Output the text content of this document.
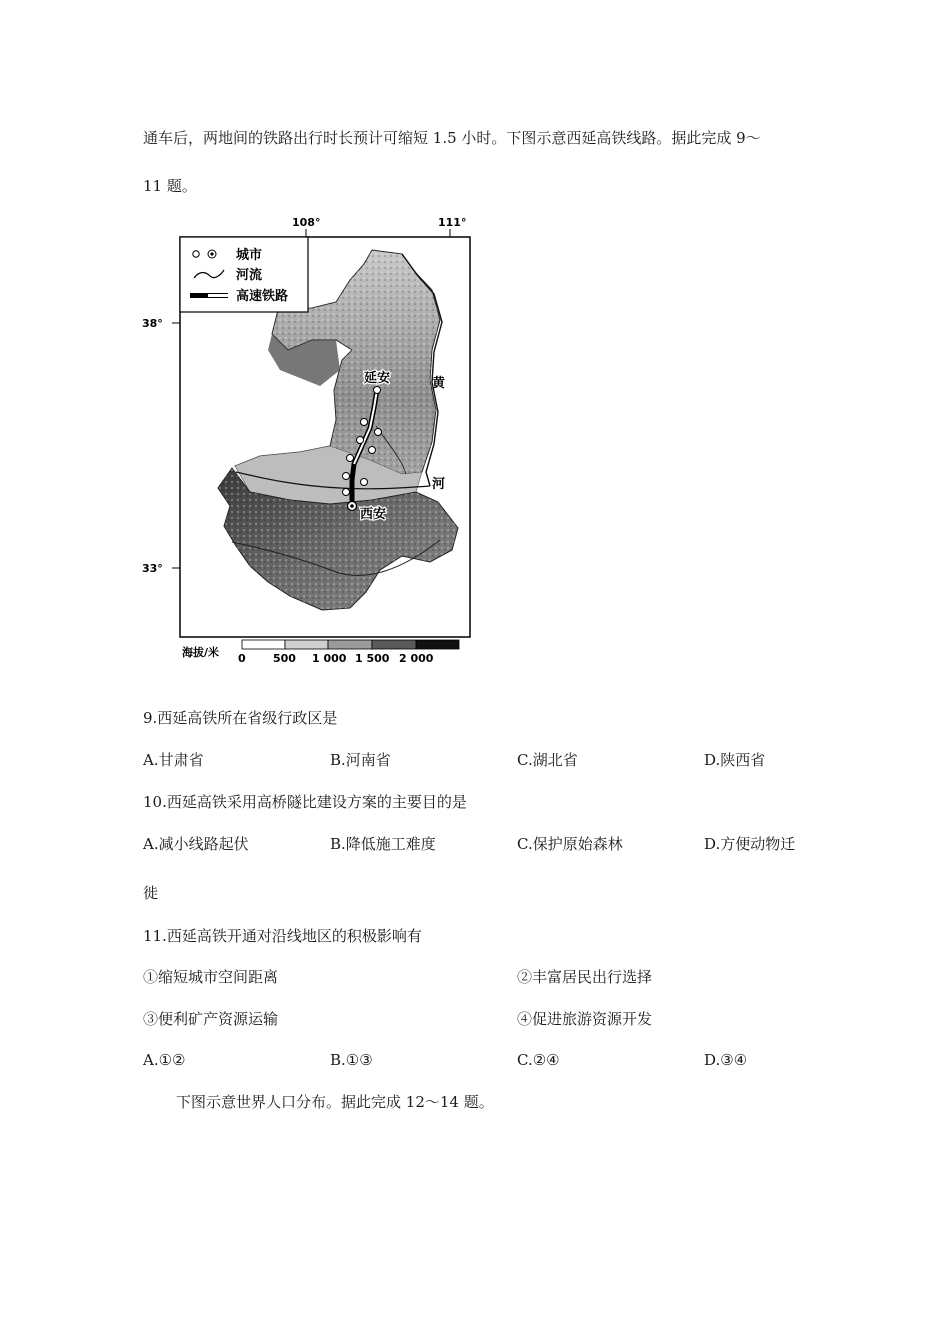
通车后，两地间的铁路出行时长预计可缩短 1.5 小时。下图示意西延高铁线路。据此完成 9～
11 题。
108°	111°
38°
33°
延安
西安
黄
河
城市
河流
高速铁路
海拔/米 0 500 1 000 1 500 2 000
9.西延高铁所在省级行政区是
A.甘肃省	B.河南省	C.湖北省	D.陕西省
10.西延高铁采用高桥隧比建设方案的主要目的是
A.减小线路起伏	B.降低施工难度	C.保护原始森林	D.方便动物迁
徙
11.西延高铁开通对沿线地区的积极影响有
①缩短城市空间距离	②丰富居民出行选择
③便利矿产资源运输	④促进旅游资源开发
A.①②	B.①③	C.②④	D.③④
下图示意世界人口分布。据此完成 12～14 题。
